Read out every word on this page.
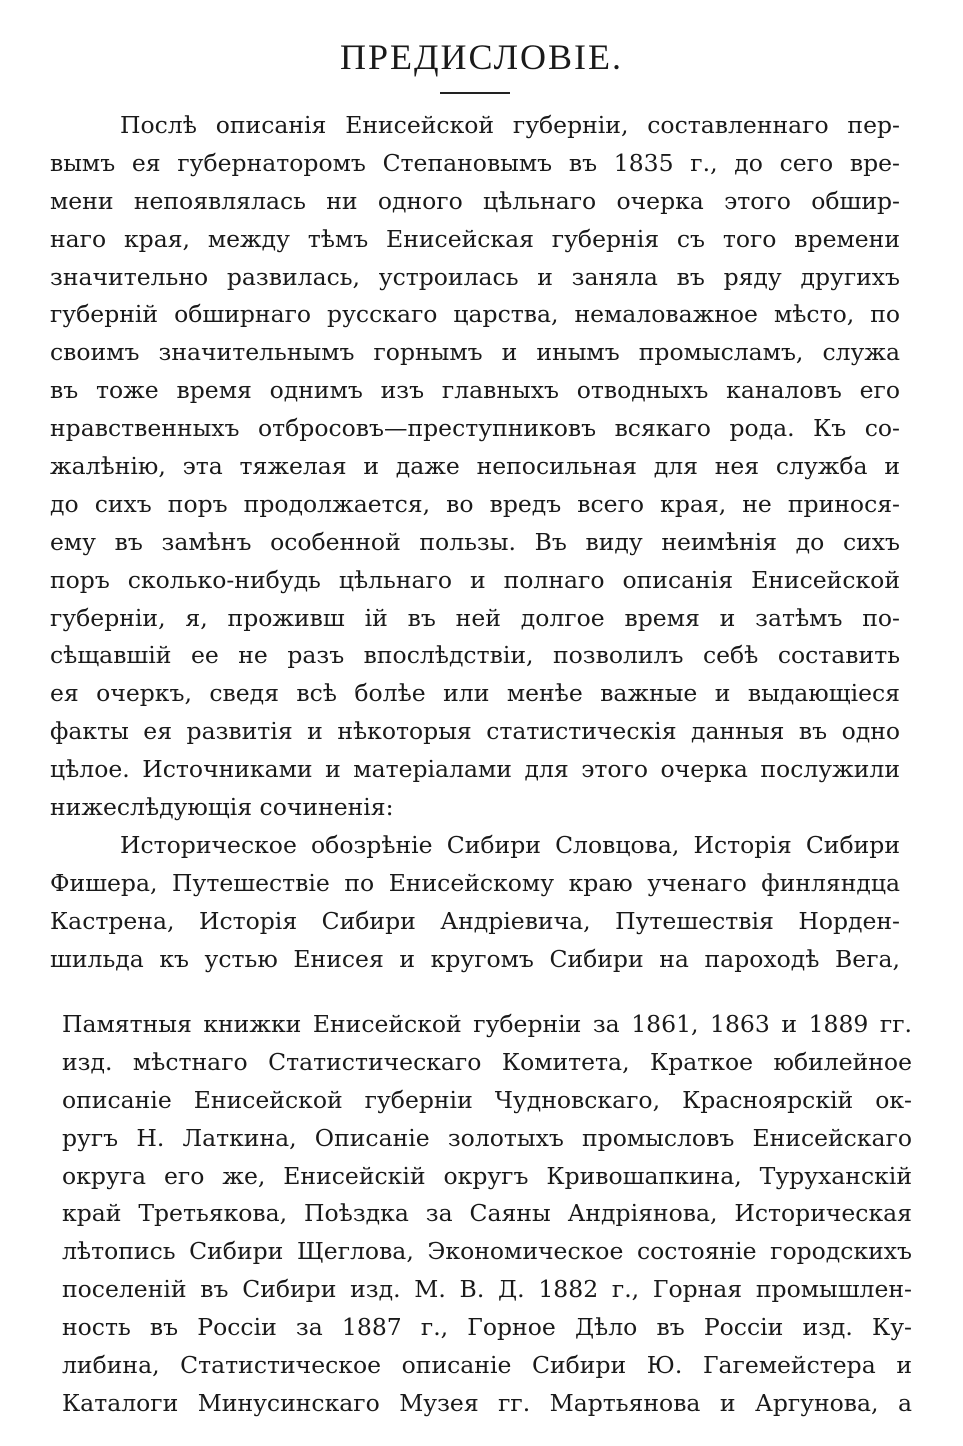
ПРЕДИСЛОВІЕ.
Послѣ описанія Енисейской губерніи, составленнаго пер-
вымъ ея губернаторомъ Степановымъ въ 1835 г., до сего вре-
мени непоявлялась ни одного цѣльнаго очерка этого обшир-
наго края, между тѣмъ Енисейская губернія съ того времени
значительно развилась, устроилась и заняла въ ряду другихъ
губерній обширнаго русскаго царства, немаловажное мѣсто, по
своимъ значительнымъ горнымъ и инымъ промысламъ, служа
въ тоже время однимъ изъ главныхъ отводныхъ каналовъ его
нравственныхъ отбросовъ—преступниковъ всякаго рода. Къ со-
жалѣнію, эта тяжелая и даже непосильная для нея служба и
до сихъ поръ продолжается, во вредъ всего края, не принося-
ему въ замѣнъ особенной пользы. Въ виду неимѣнія до сихъ
поръ сколько-нибудь цѣльнаго и полнаго описанія Енисейской
губерніи, я, проживш ій въ ней долгое время и затѣмъ по-
сѣщавшій ее не разъ впослѣдствіи, позволилъ себѣ составить
ея очеркъ, сведя всѣ болѣе или менѣе важные и выдающіеся
факты ея развитія и нѣкоторыя статистическія данныя въ одно
цѣлое. Источниками и матеріалами для этого очерка послужили
нижеслѣдующія сочиненія:
Историческое обозрѣніе Сибири Словцова, Исторія Сибири
Фишера, Путешествіе по Енисейскому краю ученаго финляндца
Кастрена, Исторія Сибири Андріевича, Путешествія Норден-
шильда къ устью Енисея и кругомъ Сибири на пароходѣ Вега,
Памятныя книжки Енисейской губерніи за 1861, 1863 и 1889 гг.
изд. мѣстнаго Статистическаго Комитета, Краткое юбилейное
описаніе Енисейской губерніи Чудновскаго, Красноярскій ок-
ругъ Н. Латкина, Описаніе золотыхъ промысловъ Енисейскаго
округа его же, Енисейскій округъ Кривошапкина, Туруханскій
край Третьякова, Поѣздка за Саяны Андріянова, Историческая
лѣтопись Сибири Щеглова, Экономическое состояніе городскихъ
поселеній въ Сибири изд. М. В. Д. 1882 г., Горная промышлен-
ность въ Россіи за 1887 г., Горное Дѣло въ Россіи изд. Ку-
либина, Статистическое описаніе Сибири Ю. Гагемейстера и
Каталоги Минусинскаго Музея гг. Мартьянова и Аргунова, а
